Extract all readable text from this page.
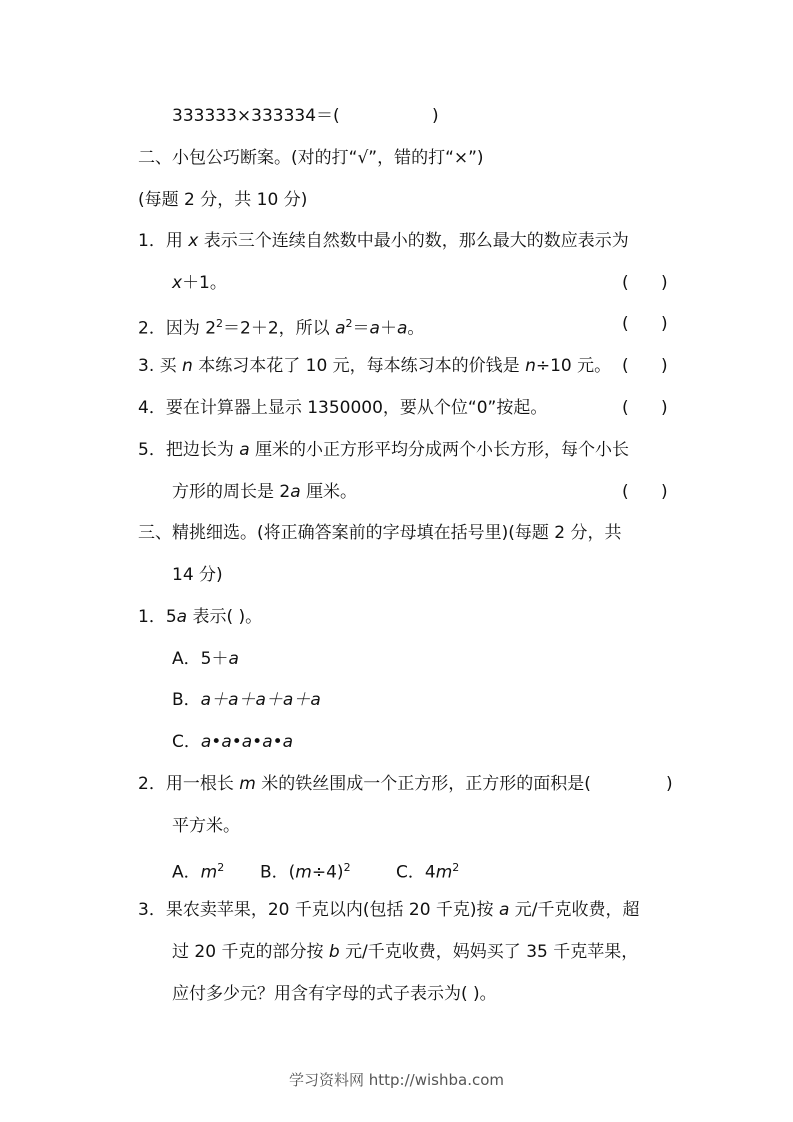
333333×333334＝(	)
二、小包公巧断案。(对的打“√”，错的打“×”)
(每题 2 分，共 10 分)
1．用 x 表示三个连续自然数中最小的数，那么最大的数应表示为
x＋1。	(      )
2．因为 $2^2=2+2$，所以 $a^2=a+a$。	(      )
3. 买 n 本练习本花了 10 元，每本练习本的价钱是 n÷10 元。 (      )
4．要在计算器上显示 1350000，要从个位“0”按起。	(      )
5．把边长为 a 厘米的小正方形平均分成两个小长方形，每个小长
方形的周长是 2a 厘米。	(      )
三、精挑细选。(将正确答案前的字母填在括号里)(每题 2 分，共
14 分)
1．5a 表示( )。
A．5＋a
B．a＋a＋a＋a＋a
C．a•a•a•a•a
2．用一根长 m 米的铁丝围成一个正方形，正方形的面积是(	)
平方米。
A．$m^2$ B．$(m\div 4)^2$	C．$4m^2$
3．果农卖苹果，20 千克以内(包括 20 千克)按 a 元/千克收费，超
过 20 千克的部分按 b 元/千克收费，妈妈买了 35 千克苹果，
应付多少元？用含有字母的式子表示为( )。
学习资料网 http://wishba.com
